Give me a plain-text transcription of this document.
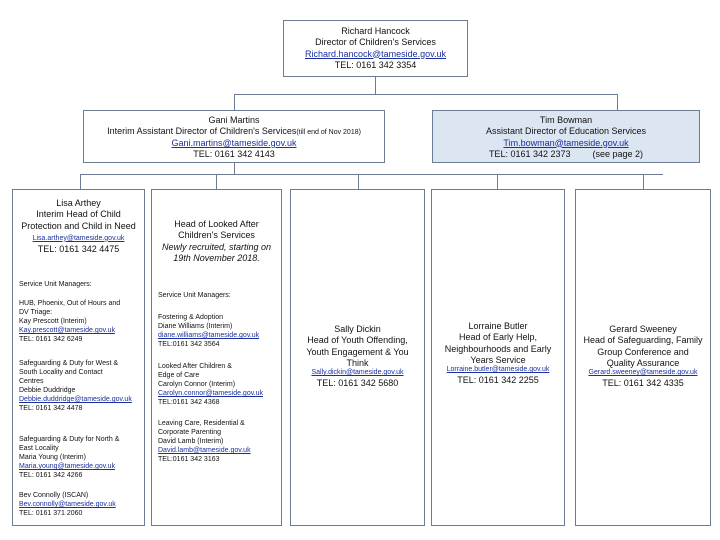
Richard Hancock
Director of Children's Services
Richard.hancock@tameside.gov.uk
TEL: 0161 342 3354
Gani Martins
Interim Assistant Director of Children's Services(till end of Nov 2018)
Gani.martins@tameside.gov.uk
TEL: 0161 342 4143
Tim Bowman
Assistant Director of Education Services
Tim.bowman@tameside.gov.uk
TEL: 0161 342 2373 (see page 2)
Lisa Arthey
Interim Head of Child Protection and Child in Need
Lisa.arthey@tameside.gov.uk
TEL: 0161 342 4475
Service Unit Managers:
HUB, Phoenix, Out of Hours and
DV Triage:
Kay Prescott (Interim)
Kay.prescott@tameside.gov.uk
TEL: 0161 342 6249
Safeguarding & Duty for West &
South Locality and Contact
Centres
Debbie Duddridge
Debbie.duddridge@tameside.gov.uk
TEL: 0161 342 4478
Safeguarding & Duty for North &
East Locality
Maria Young (Interim)
Maria.young@tameside.gov.uk
TEL: 0161 342 4266
Bev Connolly (ISCAN)
Bev.connolly@tameside.gov.uk
TEL: 0161 371 2060
Head of Looked After Children's Services
Newly recruited, starting on 19th November 2018.
Service Unit Managers:
Fostering & Adoption
Diane Williams (Interim)
diane.williams@tameside.gov.uk
TEL:0161 342 3564
Looked After Children &
Edge of Care
Carolyn Connor (Interim)
Carolyn.connor@tameside.gov.uk
TEL:0161 342 4368
Leaving Care, Residential &
Corporate Parenting
David Lamb (Interim)
David.lamb@tameside.gov.uk
TEL:0161 342 3163
Sally Dickin
Head of Youth Offending, Youth Engagement & You Think
Sally.dickin@tameside.gov.uk
TEL: 0161 342 5680
Lorraine Butler
Head of Early Help, Neighbourhoods and Early Years Service
Lorraine.butler@tameside.gov.uk
TEL: 0161 342 2255
Gerard Sweeney
Head of Safeguarding, Family Group Conference and Quality Assurance
Gerard.sweeney@tameside.gov.uk
TEL: 0161 342 4335
